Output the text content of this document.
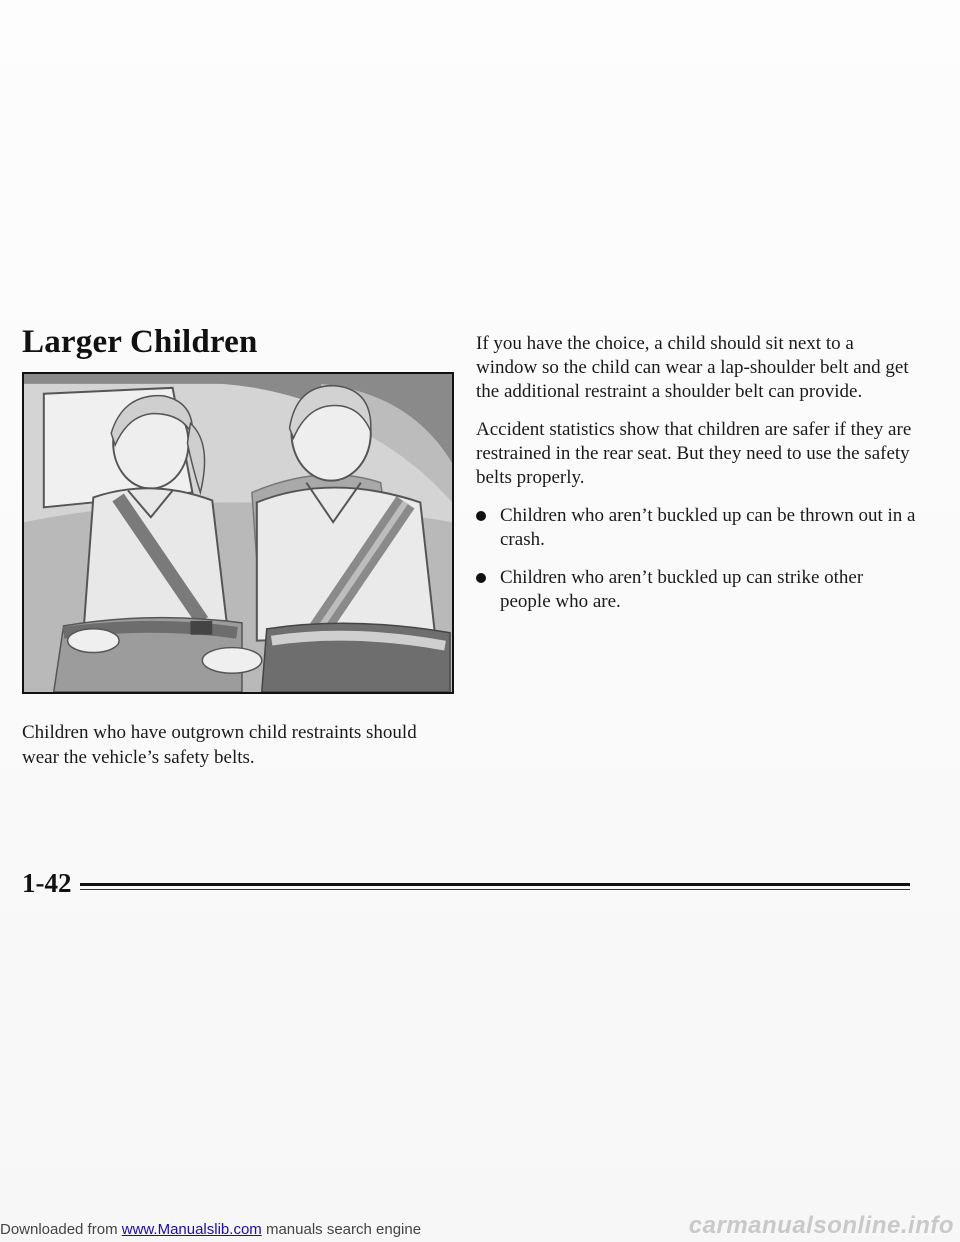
Larger Children

Children who have outgrown child restraints should wear the vehicle’s safety belts.

If you have the choice, a child should sit next to a window so the child can wear a lap-shoulder belt and get the additional restraint a shoulder belt can provide.

Accident statistics show that children are safer if they are restrained in the rear seat. But they need to use the safety belts properly.

Children who aren’t buckled up can be thrown out in a crash.
Children who aren’t buckled up can strike other people who are.
1-42
Downloaded from www.Manualslib.com manuals search engine	carmanualsonline.info
